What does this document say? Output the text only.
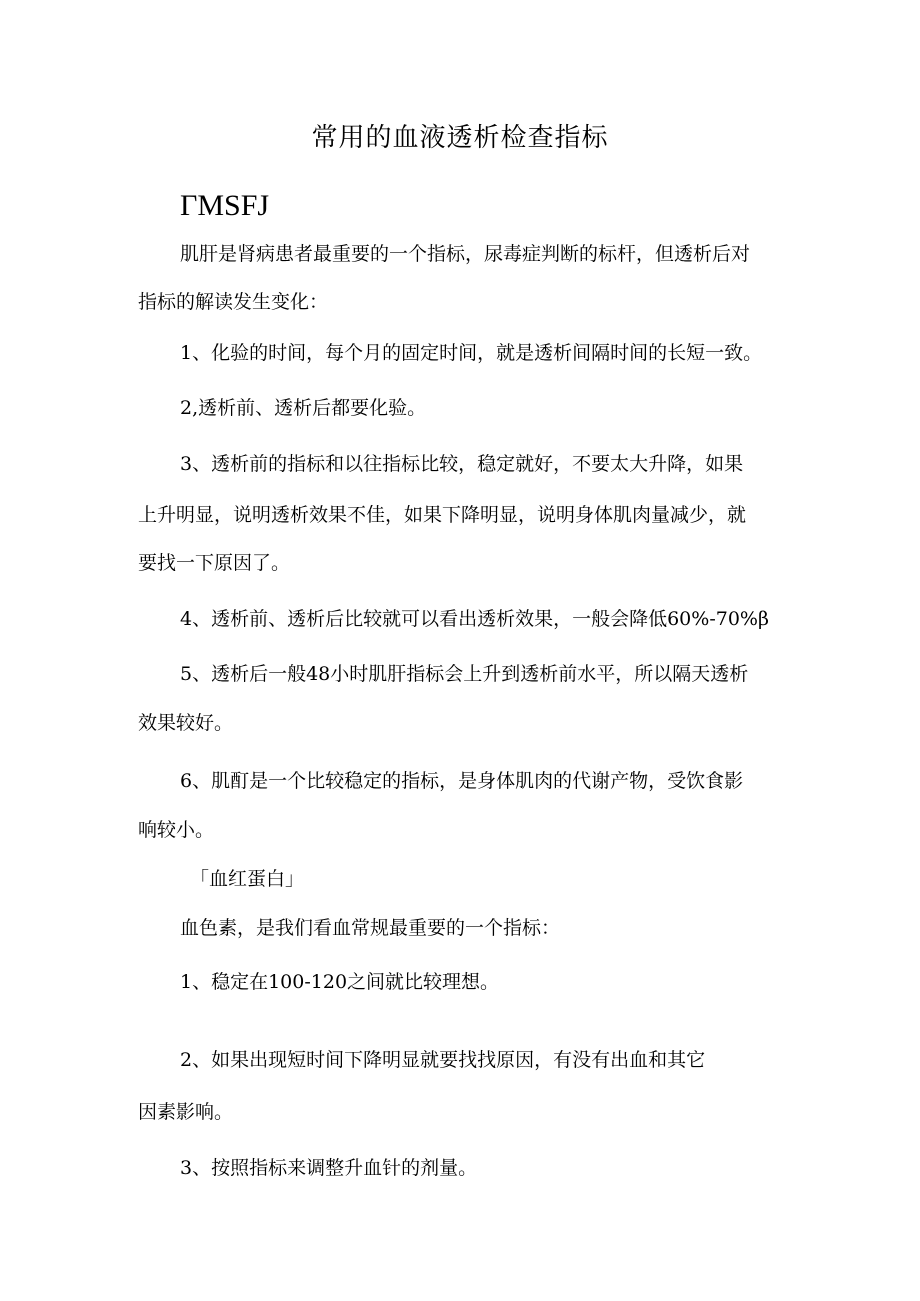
常用的血液透析检查指标
ΓMSFJ
肌肝是肾病患者最重要的一个指标，尿毒症判断的标杆，但透析后对
指标的解读发生变化：
1、化验的时间，每个月的固定时间，就是透析间隔时间的长短一致。
2,透析前、透析后都要化验。
3、透析前的指标和以往指标比较，稳定就好，不要太大升降，如果
上升明显，说明透析效果不佳，如果下降明显，说明身体肌肉量减少，就
要找一下原因了。
4、透析前、透析后比较就可以看出透析效果，一般会降低60%-70%β
5、透析后一般48小时肌肝指标会上升到透析前水平，所以隔天透析
效果较好。
6、肌酊是一个比较稳定的指标，是身体肌肉的代谢产物，受饮食影
响较小。
「血红蛋白」
血色素，是我们看血常规最重要的一个指标：
1、稳定在100-120之间就比较理想。
2、如果出现短时间下降明显就要找找原因，有没有出血和其它
因素影响。
3、按照指标来调整升血针的剂量。
